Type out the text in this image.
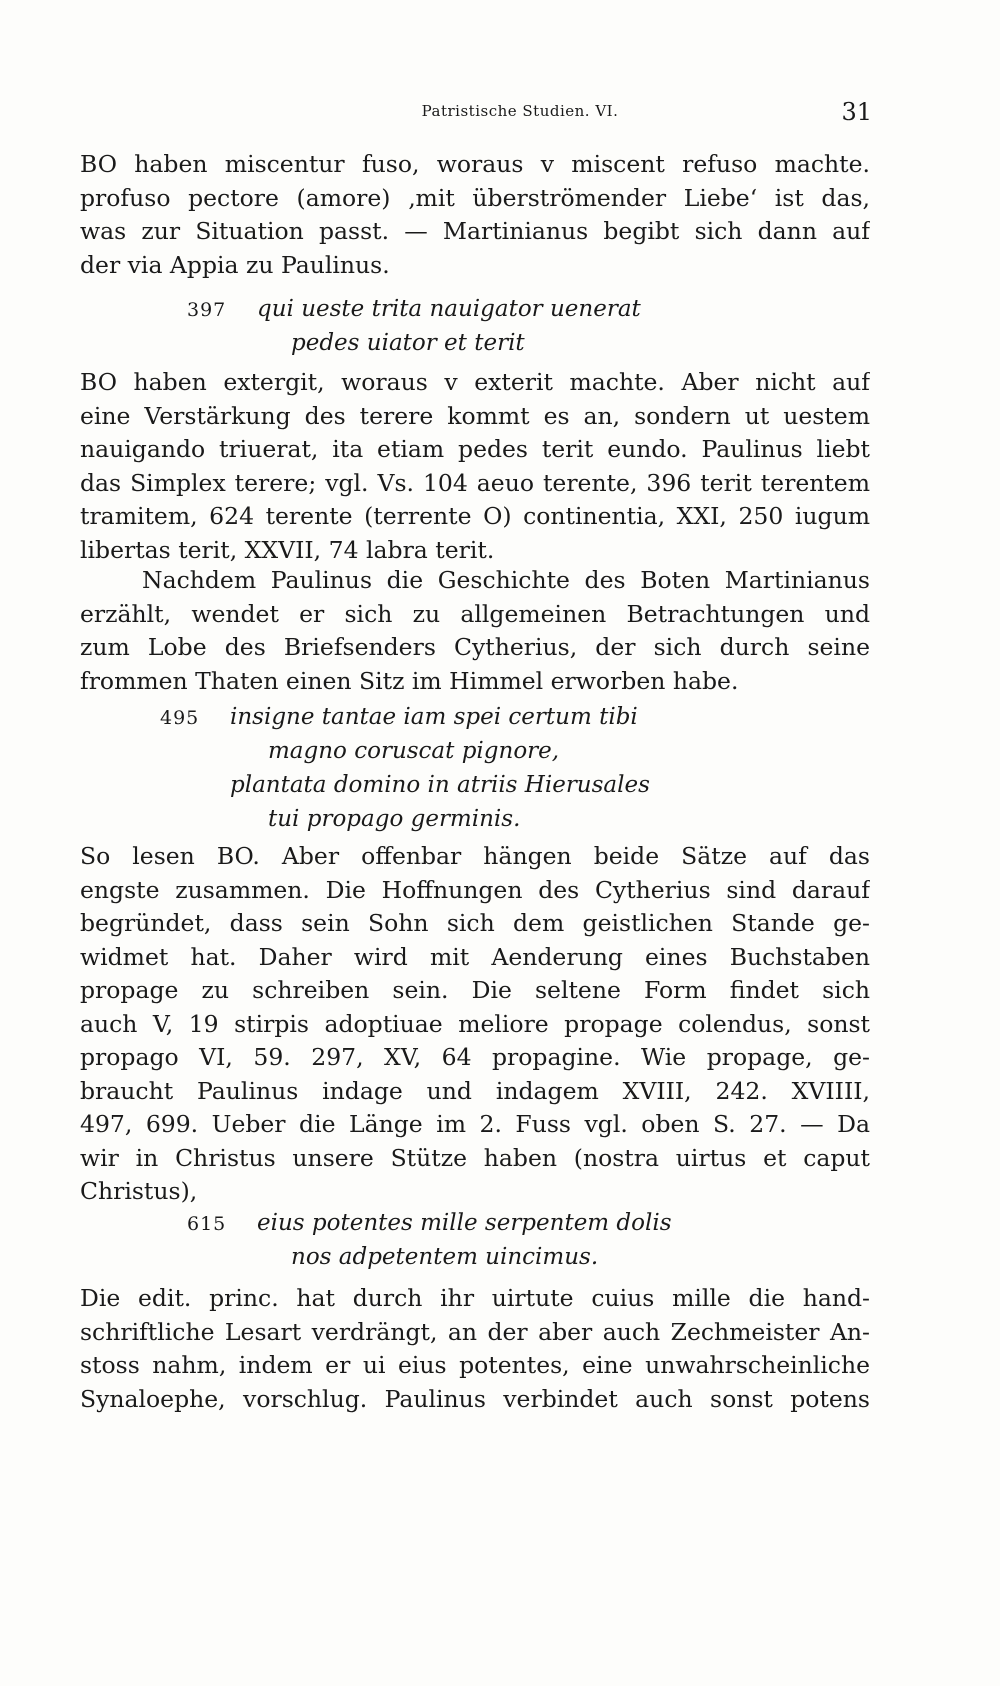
Patristische Studien. VI.	31
BO haben miscentur fuso, woraus v miscent refuso machte.
profuso pectore (amore) ‚mit überströmender Liebe‘ ist das,
was zur Situation passt. — Martinianus begibt sich dann auf
der via Appia zu Paulinus.
397 qui ueste trita nauigator uenerat
pedes uiator et terit
BO haben extergit, woraus v exterit machte. Aber nicht auf
eine Verstärkung des terere kommt es an, sondern ut uestem
nauigando triuerat, ita etiam pedes terit eundo. Paulinus liebt
das Simplex terere; vgl. Vs. 104 aeuo terente, 396 terit terentem
tramitem, 624 terente (terrente O) continentia, XXI, 250 iugum
libertas terit, XXVII, 74 labra terit.
Nachdem Paulinus die Geschichte des Boten Martinianus
erzählt, wendet er sich zu allgemeinen Betrachtungen und
zum Lobe des Briefsenders Cytherius, der sich durch seine
frommen Thaten einen Sitz im Himmel erworben habe.
495 insigne tantae iam spei certum tibi
magno coruscat pignore,
plantata domino in atriis Hierusales
tui propago germinis.
So lesen BO. Aber offenbar hängen beide Sätze auf das
engste zusammen. Die Hoffnungen des Cytherius sind darauf
begründet, dass sein Sohn sich dem geistlichen Stande ge-
widmet hat. Daher wird mit Aenderung eines Buchstaben
propage zu schreiben sein. Die seltene Form findet sich
auch V, 19 stirpis adoptiuae meliore propage colendus, sonst
propago VI, 59. 297, XV, 64 propagine. Wie propage, ge-
braucht Paulinus indage und indagem XVIII, 242. XVIIII,
497, 699. Ueber die Länge im 2. Fuss vgl. oben S. 27. — Da
wir in Christus unsere Stütze haben (nostra uirtus et caput
Christus),
615 eius potentes mille serpentem dolis
nos adpetentem uincimus.
Die edit. princ. hat durch ihr uirtute cuius mille die hand-
schriftliche Lesart verdrängt, an der aber auch Zechmeister An-
stoss nahm, indem er ui eius potentes, eine unwahrscheinliche
Synaloephe, vorschlug. Paulinus verbindet auch sonst potens
